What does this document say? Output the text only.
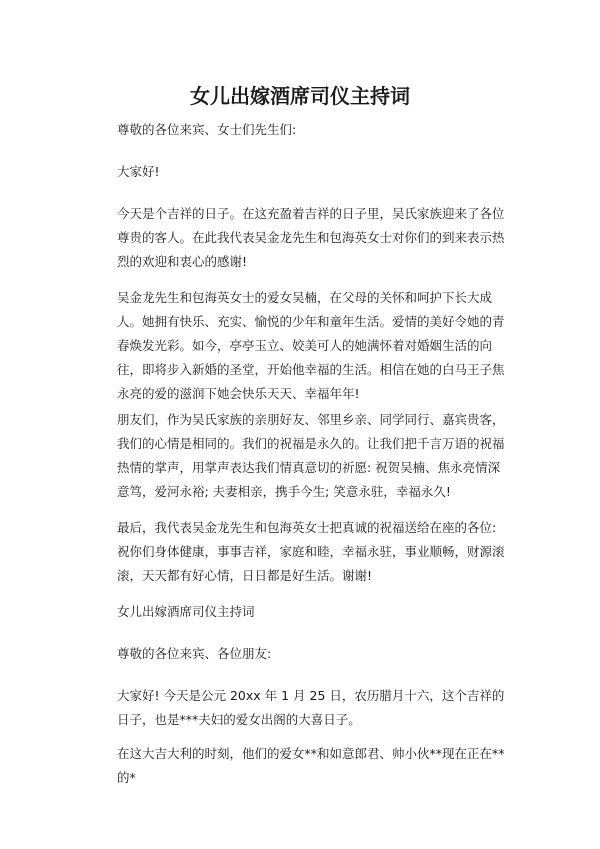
女儿出嫁酒席司仪主持词

尊敬的各位来宾、女士们先生们:

大家好!

今天是个吉祥的日子。在这充盈着吉祥的日子里，吴氏家族迎来了各位尊贵的客人。在此我代表吴金龙先生和包海英女士对你们的到来表示热烈的欢迎和衷心的感谢!

吴金龙先生和包海英女士的爱女吴楠，在父母的关怀和呵护下长大成人。她拥有快乐、充实、愉悦的少年和童年生活。爱情的美好令她的青春焕发光彩。如今，亭亭玉立、姣美可人的她满怀着对婚姻生活的向往，即将步入新婚的圣堂，开始他幸福的生活。相信在她的白马王子焦永亮的爱的滋润下她会快乐天天、幸福年年!

朋友们，作为吴氏家族的亲朋好友、邻里乡亲、同学同行、嘉宾贵客，我们的心情是相同的。我们的祝福是永久的。让我们把千言万语的祝福热情的掌声，用掌声表达我们情真意切的祈愿: 祝贺吴楠、焦永亮情深意笃，爱河永裕; 夫妻相亲，携手今生; 笑意永驻，幸福永久!

最后，我代表吴金龙先生和包海英女士把真诚的祝福送给在座的各位: 祝你们身体健康，事事吉祥，家庭和睦，幸福永驻，事业顺畅，财源滚滚，天天都有好心情，日日都是好生活。谢谢!

女儿出嫁酒席司仪主持词

尊敬的各位来宾、各位朋友:

大家好! 今天是公元 20xx 年 1 月 25 日，农历腊月十六，这个吉祥的日子，也是***夫妇的爱女出阁的大喜日子。

在这大吉大利的时刻，他们的爱女**和如意郎君、帅小伙**现在正在**的*
